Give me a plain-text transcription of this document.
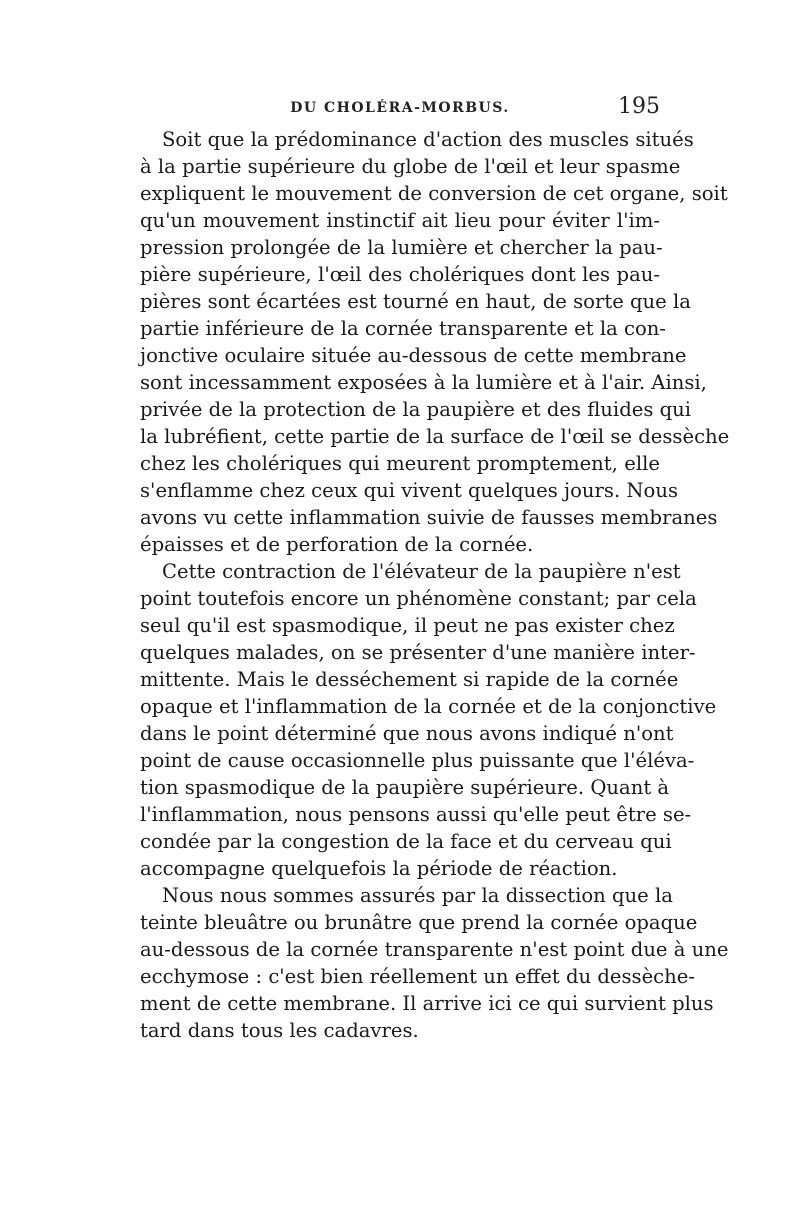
DU CHOLÉRA-MORBUS.	195
Soit que la prédominance d'action des muscles situés
à la partie supérieure du globe de l'œil et leur spasme
expliquent le mouvement de conversion de cet organe, soit
qu'un mouvement instinctif ait lieu pour éviter l'im-
pression prolongée de la lumière et chercher la pau-
pière supérieure, l'œil des cholériques dont les pau-
pières sont écartées est tourné en haut, de sorte que la
partie inférieure de la cornée transparente et la con-
jonctive oculaire située au-dessous de cette membrane
sont incessamment exposées à la lumière et à l'air. Ainsi,
privée de la protection de la paupière et des fluides qui
la lubréfient, cette partie de la surface de l'œil se dessèche
chez les cholériques qui meurent promptement, elle
s'enflamme chez ceux qui vivent quelques jours. Nous
avons vu cette inflammation suivie de fausses membranes
épaisses et de perforation de la cornée.
Cette contraction de l'élévateur de la paupière n'est
point toutefois encore un phénomène constant; par cela
seul qu'il est spasmodique, il peut ne pas exister chez
quelques malades, on se présenter d'une manière inter-
mittente. Mais le desséchement si rapide de la cornée
opaque et l'inflammation de la cornée et de la conjonctive
dans le point déterminé que nous avons indiqué n'ont
point de cause occasionnelle plus puissante que l'éléva-
tion spasmodique de la paupière supérieure. Quant à
l'inflammation, nous pensons aussi qu'elle peut être se-
condée par la congestion de la face et du cerveau qui
accompagne quelquefois la période de réaction.
Nous nous sommes assurés par la dissection que la
teinte bleuâtre ou brunâtre que prend la cornée opaque
au-dessous de la cornée transparente n'est point due à une
ecchymose : c'est bien réellement un effet du dessèche-
ment de cette membrane. Il arrive ici ce qui survient plus
tard dans tous les cadavres.
